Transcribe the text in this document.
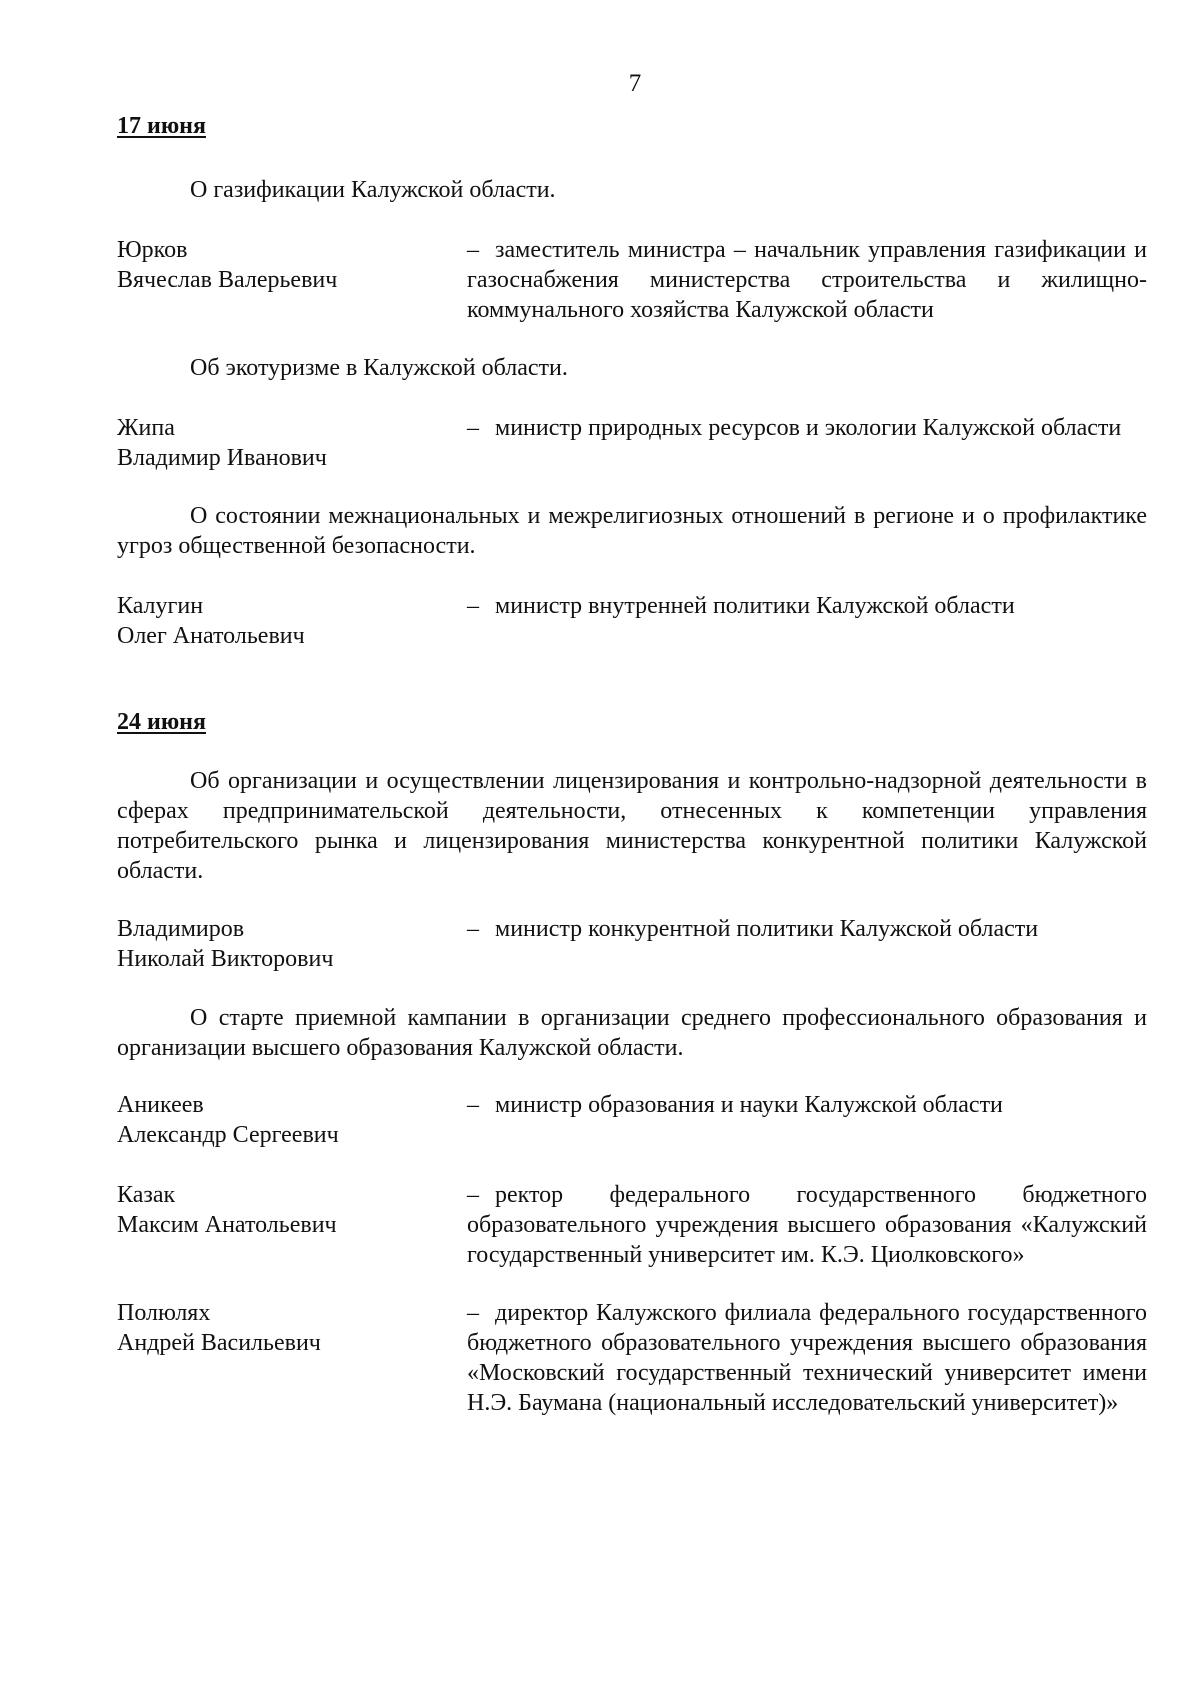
7

17 июня

О газификации Калужской области.

Юрков
Вячеслав Валерьевич
– заместитель министра – начальник управления газификации и газоснабжения министерства строительства и жилищно-коммунального хозяйства Калужской области

Об экотуризме в Калужской области.

Жипа
Владимир Иванович
– министр природных ресурсов и экологии Калужской области

О состоянии межнациональных и межрелигиозных отношений в регионе и о профилактике угроз общественной безопасности.

Калугин
Олег Анатольевич
– министр внутренней политики Калужской области

24 июня

Об организации и осуществлении лицензирования и контрольно-надзорной деятельности в сферах предпринимательской деятельности, отнесенных к компетенции управления потребительского рынка и лицензирования министерства конкурентной политики Калужской области.

Владимиров
Николай Викторович
– министр конкурентной политики Калужской области

О старте приемной кампании в организации среднего профессионального образования и организации высшего образования Калужской области.

Аникеев
Александр Сергеевич
– министр образования и науки Калужской области
Казак
Максим Анатольевич
– ректор федерального государственного бюджетного образовательного учреждения высшего образования «Калужский государственный университет им. К.Э. Циолковского»
Полюлях
Андрей Васильевич
– директор Калужского филиала федерального государственного бюджетного образовательного учреждения высшего образования «Московский государственный технический университет имени Н.Э. Баумана (национальный исследовательский университет)»
